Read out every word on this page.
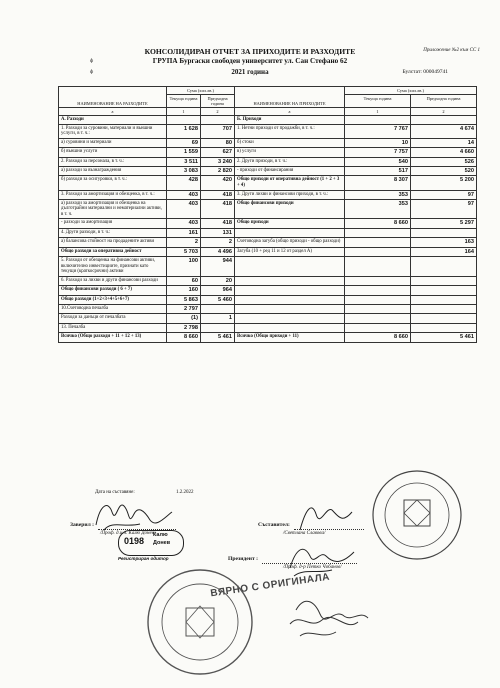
Приложение №2 към СС 1
КОНСОЛИДИРАН ОТЧЕТ ЗА ПРИХОДИТЕ И РАЗХОДИТЕ
ф	ГРУПА Бургаски свободен университет ул. Сан Стефано 62
ф	2021 година	Булстат: 000049741
НАИМЕНОВАНИЕ НА РАЗХОДИТЕ	Сума (хил.лв.)		НАИМЕНОВАНИЕ НА ПРИХОДИТЕ	Сума (хил.лв.)	
	Текуща година	Предходна година		Текуща година	Предходна година
а	1	2	а	1	2
А. Разходи			Б. Приходи		
1. Разходи за суровини, материали и външни услуги, в т. ч.:	1 628	707	1. Нетни приходи от продажби, в т. ч.:	7 767	4 674
а) суровини и материали	69	80	б) стоки	10	14
б) външни услуги	1 559	627	в) услуги	7 757	4 660
2. Разходи за персонала, в т. ч.:	3 511	3 240	2. Други приходи, в т. ч.:	540	526
а) разходи за възнаграждения	3 083	2 820	- приходи от финансирания	517	520
б) разходи за осигуровки, в т. ч.:	428	420	Общо приходи от оперативна дейност (1 + 2 + 3 + 4)	8 307	5 200
3. Разходи за амортизация и обезценка, в т. ч.:	403	418	3. Други лихви и финансови приходи, в т. ч.:	353	97
а) разходи за амортизация и обезценка на дълготрайни материални и нематериални активи, в т. ч.	403	418	Общо финансови приходи	353	97
- разходи за амортизация	403	418	Общо приходи	8 660	5 297
4. Други разходи, в т. ч.:	161	131			
а) балансова стойност на продадените активи	2	2	Счетоводна загуба (общо приходи - общо разходи)		163
Общо разходи за оперативна дейност	5 703	4 496	Загуба (10 + ред 11 и 12 от раздел А)		164
5. Разходи от обезценка на финансови активи, включително инвестициите, признати като текущи (краткосрочни) активи	100	944			
6. Разходи за лихви и други финансови разходи	60	20			
Общо финансови разходи ( 6 + 7)	160	964			
Общо разходи (1+2+3+4+5+6+7)	5 863	5 460			
10.Счетоводна печалба	2 797				
Разходи за данъци от печалбата	(1)	1			
13. Печалба	2 798				
Всичко (Общо разходи + 11 + 12 + 13)	8 660	5 461	Всичко (Общо приходи + 11)	8 660	5 461
Дата на съставяне:	1.2.2022
Заверил :
/Проф. д.и.н. Калю Донев/
Съставител:
/Светлана Славова/
Президент :
/Проф. д-р Петко Чобанов/
0198
Калю
Донев
Регистриран одитор
ВЯРНО С ОРИГИНАЛА
